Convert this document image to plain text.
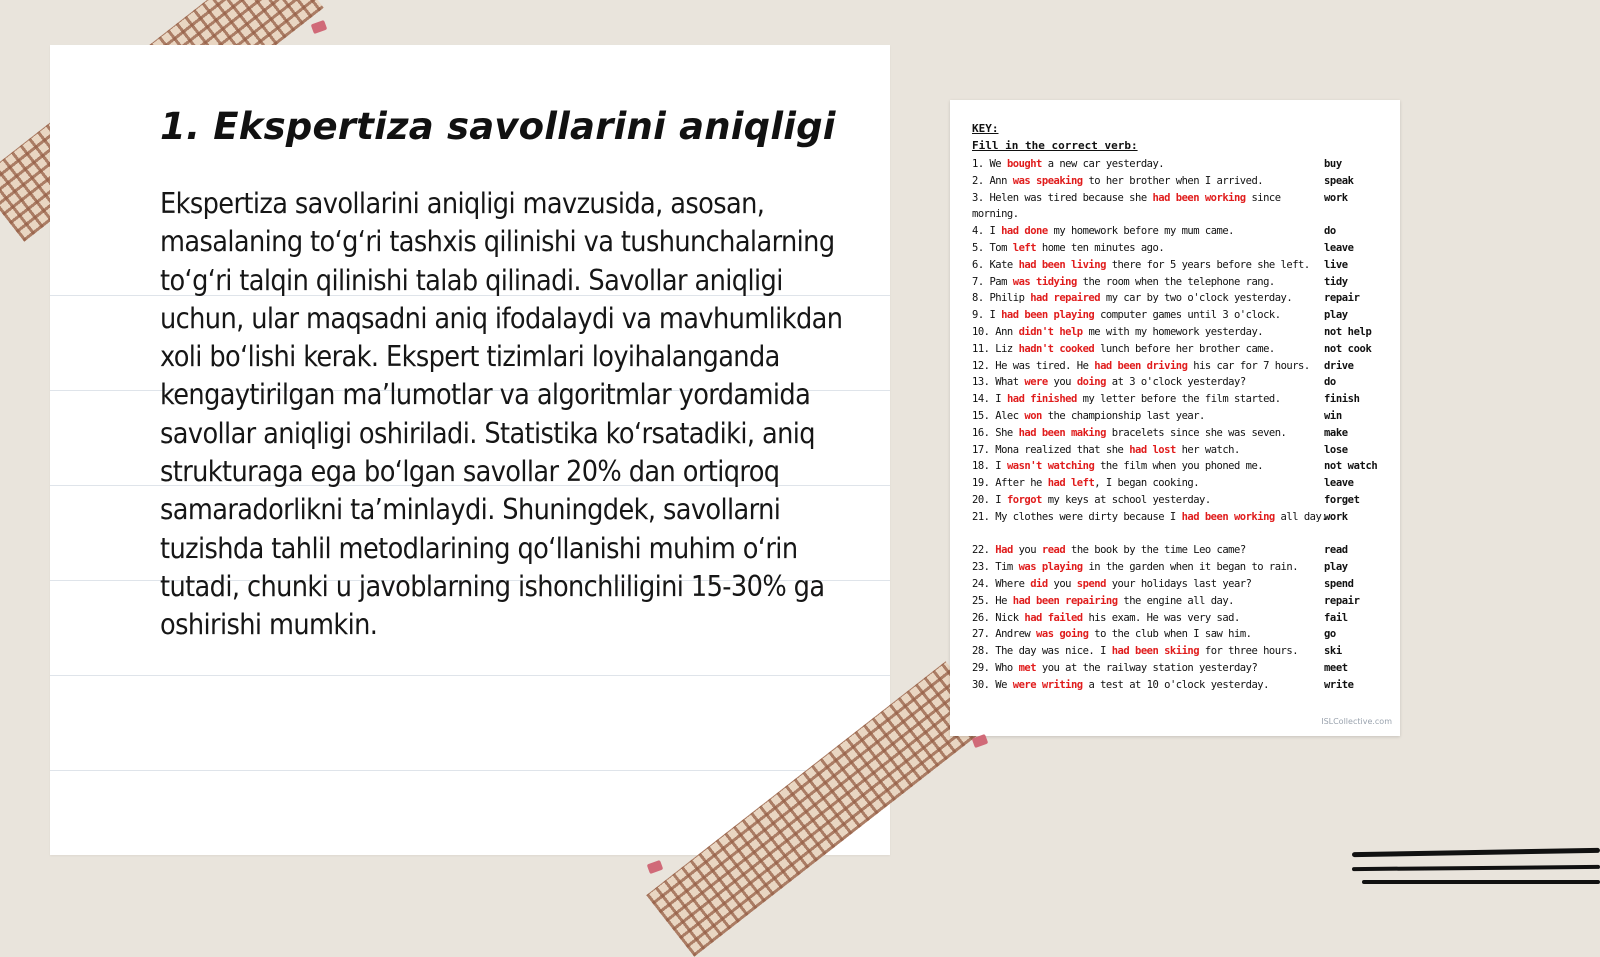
1. Ekspertiza savollarini aniqligi

Ekspertiza savollarini aniqligi mavzusida, asosan, masalaning to‘g‘ri tashxis qilinishi va tushunchalarning to‘g‘ri talqin qilinishi talab qilinadi. Savollar aniqligi uchun, ular maqsadni aniq ifodalaydi va mavhumlikdan xoli bo‘lishi kerak. Ekspert tizimlari loyihalanganda kengaytirilgan ma’lumotlar va algoritmlar yordamida savollar aniqligi oshiriladi. Statistika ko‘rsatadiki, aniq strukturaga ega bo‘lgan savollar 20% dan ortiqroq samaradorlikni ta’minlaydi. Shuningdek, savollarni tuzishda tahlil metodlarining qo‘llanishi muhim o‘rin tutadi, chunki u javoblarning ishonchliligini 15-30% ga oshirishi mumkin.

KEY:
Fill in the correct verb:
1. We bought a new car yesterday.	buy
2. Ann was speaking to her brother when I arrived.	speak
3. Helen was tired because she had been working since morning.
work
4. I had done my homework before my mum came.	do
5. Tom left home ten minutes ago.	leave
6. Kate had been living there for 5 years before she left.	live
7. Pam was tidying the room when the telephone rang.	tidy
8. Philip had repaired my car by two o'clock yesterday.	repair
9. I had been playing computer games until 3 o'clock.	play
10. Ann didn't help me with my homework yesterday.	not help
11. Liz hadn't cooked lunch before her brother came.	not cook
12. He was tired. He had been driving his car for 7 hours.	drive
13. What were you doing at 3 o'clock yesterday?	do
14. I had finished my letter before the film started.	finish
15. Alec won the championship last year.	win
16. She had been making bracelets since she was seven.	make
17. Mona realized that she had lost her watch.	lose
18. I wasn't watching the film when you phoned me.	not watch
19. After he had left, I began cooking.	leave
20. I forgot my keys at school yesterday.	forget
21. My clothes were dirty because I had been working all day.
work
22. Had you read the book by the time Leo came?	read
23. Tim was playing in the garden when it began to rain.	play
24. Where did you spend your holidays last year?	spend
25. He had been repairing the engine all day.	repair
26. Nick had failed his exam. He was very sad.	fail
27. Andrew was going to the club when I saw him.	go
28. The day was nice. I had been skiing for three hours.	ski
29. Who met you at the railway station yesterday?	meet
30. We were writing a test at 10 o'clock yesterday.	write
ISLCollective.com
